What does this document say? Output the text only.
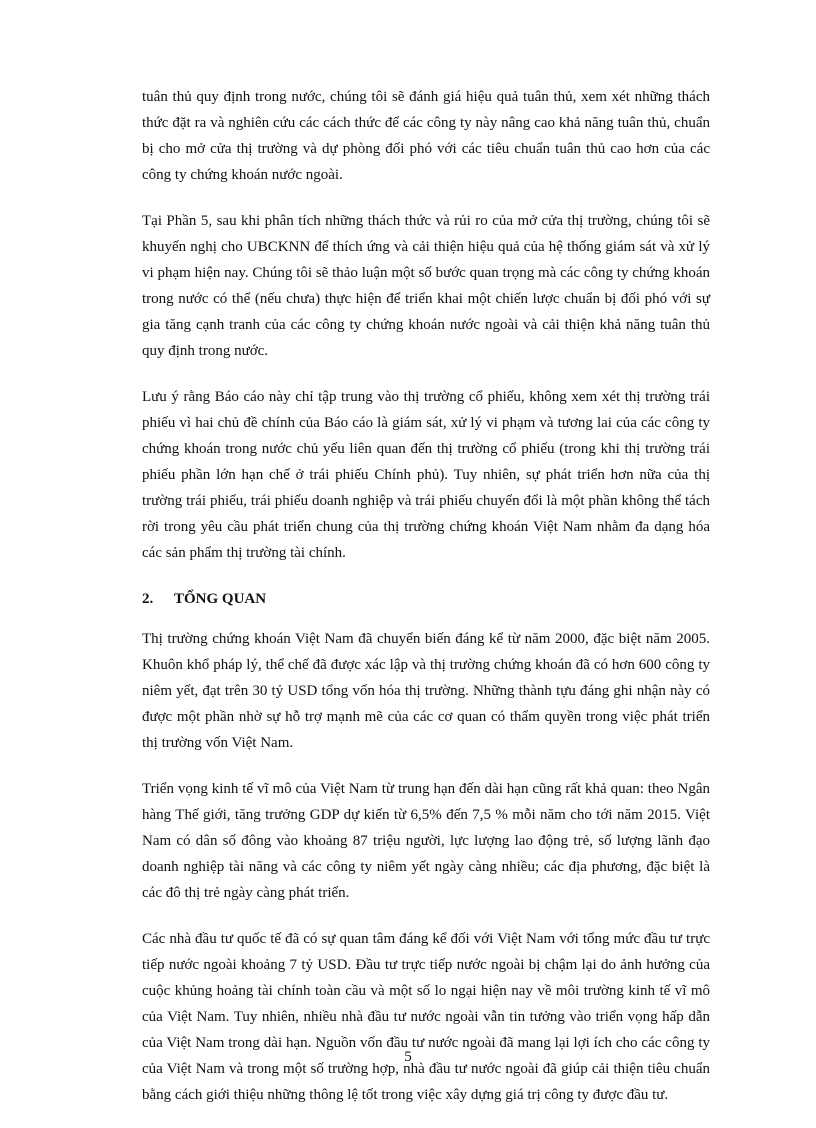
tuân thủ quy định trong nước, chúng tôi sẽ đánh giá hiệu quả tuân thủ, xem xét những thách thức đặt ra và nghiên cứu các cách thức để các công ty này nâng cao khả năng tuân thủ, chuẩn bị cho mở cửa thị trường và dự phòng đối phó với các tiêu chuẩn tuân thủ cao hơn của các công ty chứng khoán nước ngoài.

Tại Phần 5, sau khi phân tích những thách thức và rủi ro của mở cửa thị trường, chúng tôi sẽ khuyến nghị cho UBCKNN để thích ứng và cải thiện hiệu quả của hệ thống giám sát và xử lý vi phạm hiện nay. Chúng tôi sẽ thảo luận một số bước quan trọng mà các công ty chứng khoán trong nước có thể (nếu chưa) thực hiện để triển khai một chiến lược chuẩn bị đối phó với sự gia tăng cạnh tranh của các công ty chứng khoán nước ngoài và cải thiện khả năng tuân thủ quy định trong nước.

Lưu ý rằng Báo cáo này chỉ tập trung vào thị trường cổ phiếu, không xem xét thị trường trái phiếu vì hai chủ đề chính của Báo cáo là giám sát, xử lý vi phạm và tương lai của các công ty chứng khoán trong nước chủ yếu liên quan đến thị trường cổ phiếu (trong khi thị trường trái phiếu phần lớn hạn chế ở trái phiếu Chính phủ). Tuy nhiên, sự phát triển hơn nữa của thị trường trái phiếu, trái phiếu doanh nghiệp và trái phiếu chuyển đổi là một phần không thể tách rời trong yêu cầu phát triển chung của thị trường chứng khoán Việt Nam nhằm đa dạng hóa các sản phẩm thị trường tài chính.

2.	TỔNG QUAN

Thị trường chứng khoán Việt Nam đã chuyển biến đáng kể từ năm 2000, đặc biệt năm 2005. Khuôn khổ pháp lý, thể chế đã được xác lập và thị trường chứng khoán đã có hơn 600 công ty niêm yết, đạt trên 30 tỷ USD tổng vốn hóa thị trường. Những thành tựu đáng ghi nhận này có được một phần nhờ sự hỗ trợ mạnh mẽ của các cơ quan có thẩm quyền trong việc phát triển thị trường vốn Việt Nam.

Triển vọng kinh tế vĩ mô của Việt Nam từ trung hạn đến dài hạn cũng rất khả quan: theo Ngân hàng Thế giới, tăng trưởng GDP dự kiến từ 6,5% đến 7,5 % mỗi năm cho tới năm 2015. Việt Nam có dân số đông vào khoảng 87 triệu người, lực lượng lao động trẻ, số lượng lãnh đạo doanh nghiệp tài năng và các công ty niêm yết ngày càng nhiều; các địa phương, đặc biệt là các đô thị trẻ ngày càng phát triển.

Các nhà đầu tư quốc tế đã có sự quan tâm đáng kể đối với Việt Nam với tổng mức đầu tư trực tiếp nước ngoài khoảng 7 tỷ USD. Đầu tư trực tiếp nước ngoài bị chậm lại do ảnh hưởng của cuộc khủng hoảng tài chính toàn cầu và một số lo ngại hiện nay về môi trường kinh tế vĩ mô của Việt Nam. Tuy nhiên, nhiều nhà đầu tư nước ngoài vẫn tin tưởng vào triển vọng hấp dẫn của Việt Nam trong dài hạn. Nguồn vốn đầu tư nước ngoài đã mang lại lợi ích cho các công ty của Việt Nam và trong một số trường hợp, nhà đầu tư nước ngoài đã giúp cải thiện tiêu chuẩn bằng cách giới thiệu những thông lệ tốt trong việc xây dựng giá trị công ty được đầu tư.

5
